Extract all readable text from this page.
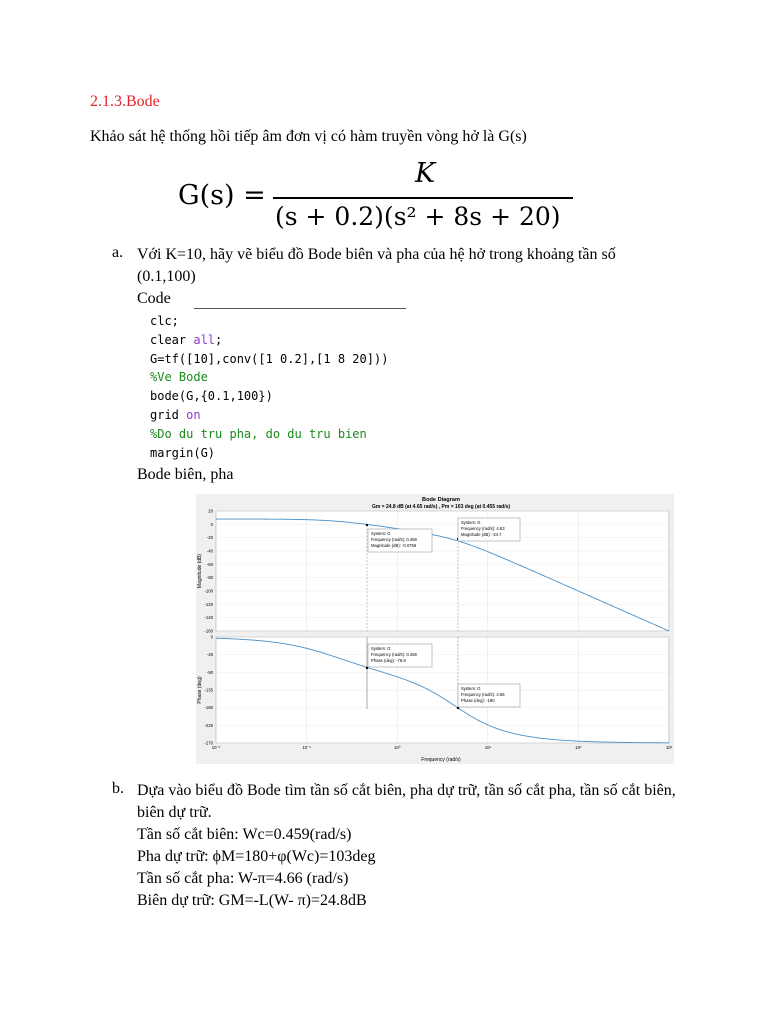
2.1.3.Bode
Khảo sát hệ thống hồi tiếp âm đơn vị có hàm truyền vòng hở là G(s)
G(s) =
K
(s + 0.2)(s² + 8s + 20)
a. Với K=10, hãy vẽ biểu đồ Bode biên và pha của hệ hở trong khoảng tần số (0.1,100)
Code
clc;
clear all;
G=tf([10],conv([1 0.2],[1 8 20]))
%Ve Bode
bode(G,{0.1,100})
grid on
%Do du tru pha, do du tru bien
margin(G)
Bode biên, pha
Bode Diagram
Gm = 24.8 dB (at 4.65 rad/s) , Pm = 103 deg (at 0.455 rad/s)
Magnitude (dB)
Phase (deg)
Frequency (rad/s)
20
0
-20
-40
-60
-80
-100
-120
-140
-160
0
-45
-90
-135
-180
-225
-270
10⁻²	10⁻¹	10⁰	10¹	10²	10³
System: G
Frequency (rad/s): 0.459
Magnitude (dB): -0.0756
System: G
Frequency (rad/s): 4.63
Magnitude (dB): -24.7
System: G
Frequency (rad/s): 0.459
Phase (deg): -76.9
System: G
Frequency (rad/s): 4.66
Phase (deg): -180
b. Dựa vào biểu đồ Bode tìm tần số cắt biên, pha dự trữ, tần số cắt pha, tần số cắt biên, biên dự trữ.
Tần số cắt biên: Wc=0.459(rad/s)
Pha dự trữ: ϕM=180+φ(Wc)=103deg
Tần số cắt pha: W-π=4.66 (rad/s)
Biên dự trữ: GM=-L(W- π)=24.8dB
